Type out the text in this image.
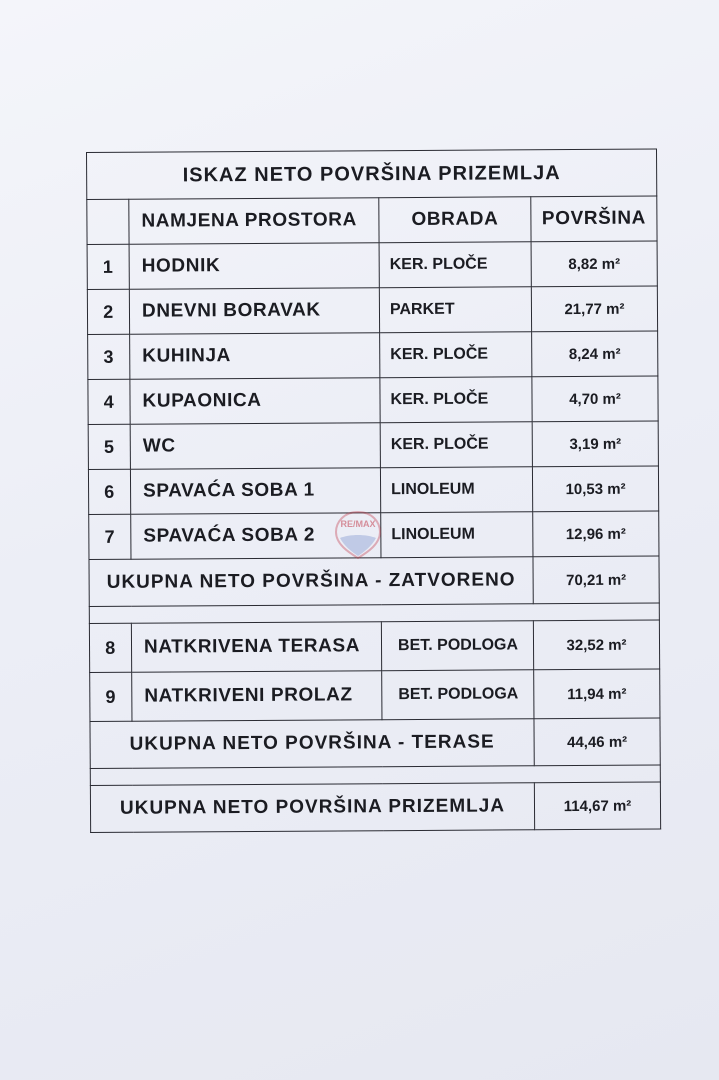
ISKAZ NETO POVRŠINA PRIZEMLJA			
	NAMJENA PROSTORA	OBRADA	POVRŠINA
1	HODNIK	KER. PLOČE	8,82 m²
2	DNEVNI BORAVAK	PARKET	21,77 m²
3	KUHINJA	KER. PLOČE	8,24 m²
4	KUPAONICA	KER. PLOČE	4,70 m²
5	WC	KER. PLOČE	3,19 m²
6	SPAVAĆA SOBA 1	LINOLEUM	10,53 m²
7	SPAVAĆA SOBA 2	LINOLEUM	12,96 m²
UKUPNA NETO POVRŠINA - ZATVORENO			70,21 m²

8	NATKRIVENA TERASA	BET. PODLOGA	32,52 m²
9	NATKRIVENI PROLAZ	BET. PODLOGA	11,94 m²
UKUPNA NETO POVRŠINA - TERASE			44,46 m²

UKUPNA NETO POVRŠINA PRIZEMLJA			114,67 m²
RE/MAX
